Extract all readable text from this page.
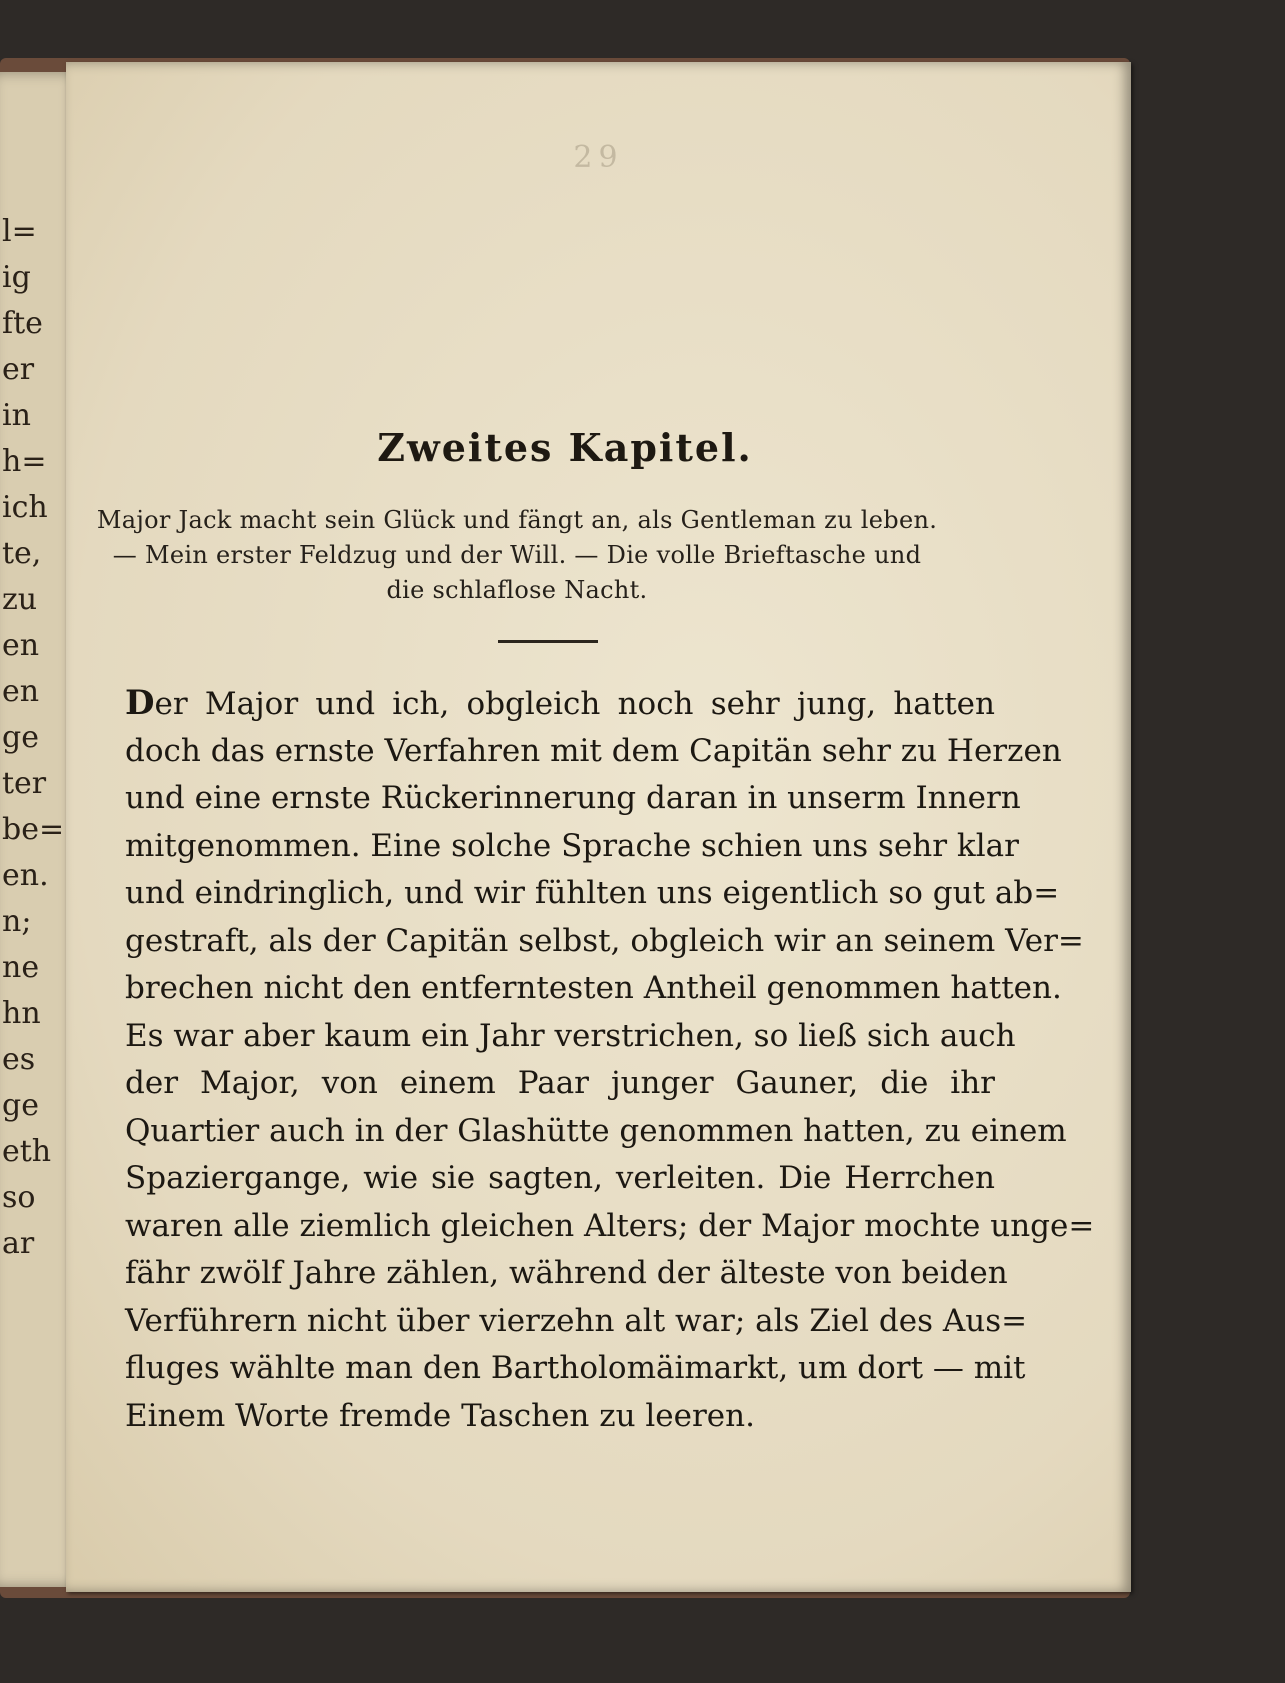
l=
ig
fte
er
in
h=
ich
te,
zu
en
en
ge
ter
be=
en.
n;
ne
hn
es
ge
eth
so
ar
29
Zweites Kapitel.
Major Jack macht sein Glück und fängt an, als Gentleman zu leben.
— Mein erster Feldzug und der Will. — Die volle Brieftasche und
die schlaflose Nacht.
Der Major und ich, obgleich noch sehr jung, hatten
doch das ernste Verfahren mit dem Capitän sehr zu Herzen
und eine ernste Rückerinnerung daran in unserm Innern
mitgenommen. Eine solche Sprache schien uns sehr klar
und eindringlich, und wir fühlten uns eigentlich so gut ab=
gestraft, als der Capitän selbst, obgleich wir an seinem Ver=
brechen nicht den entferntesten Antheil genommen hatten.
Es war aber kaum ein Jahr verstrichen, so ließ sich auch
der Major, von einem Paar junger Gauner, die ihr
Quartier auch in der Glashütte genommen hatten, zu einem
Spaziergange, wie sie sagten, verleiten. Die Herrchen
waren alle ziemlich gleichen Alters; der Major mochte unge=
fähr zwölf Jahre zählen, während der älteste von beiden
Verführern nicht über vierzehn alt war; als Ziel des Aus=
fluges wählte man den Bartholomäimarkt, um dort — mit
Einem Worte fremde Taschen zu leeren.
